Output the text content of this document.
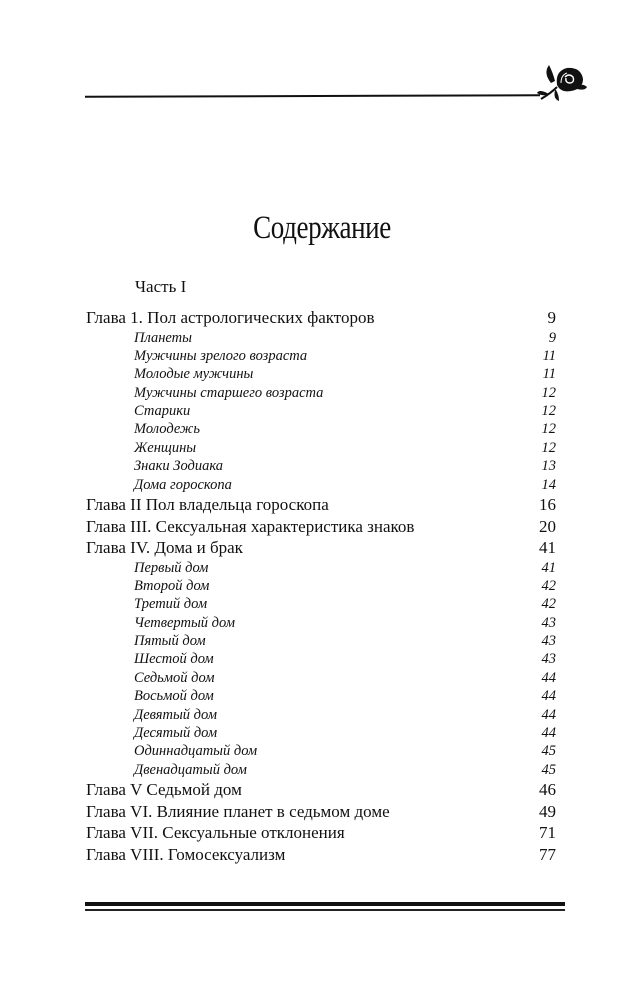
Содержание
Часть I
Глава 1. Пол астрологических факторов	9
Планеты	9
Мужчины зрелого возраста	11
Молодые мужчины	11
Мужчины старшего возраста	12
Старики	12
Молодежь	12
Женщины	12
Знаки Зодиака	13
Дома гороскопа	14
Глава II Пол владельца гороскопа	16
Глава III. Сексуальная характеристика знаков	20
Глава IV. Дома и брак	41
Первый дом	41
Второй дом	42
Третий дом	42
Четвертый дом	43
Пятый дом	43
Шестой дом	43
Седьмой дом	44
Восьмой дом	44
Девятый дом	44
Десятый дом	44
Одиннадцатый дом	45
Двенадцатый дом	45
Глава V Седьмой дом	46
Глава VI. Влияние планет в седьмом доме	49
Глава VII. Сексуальные отклонения	71
Глава VIII. Гомосексуализм	77
